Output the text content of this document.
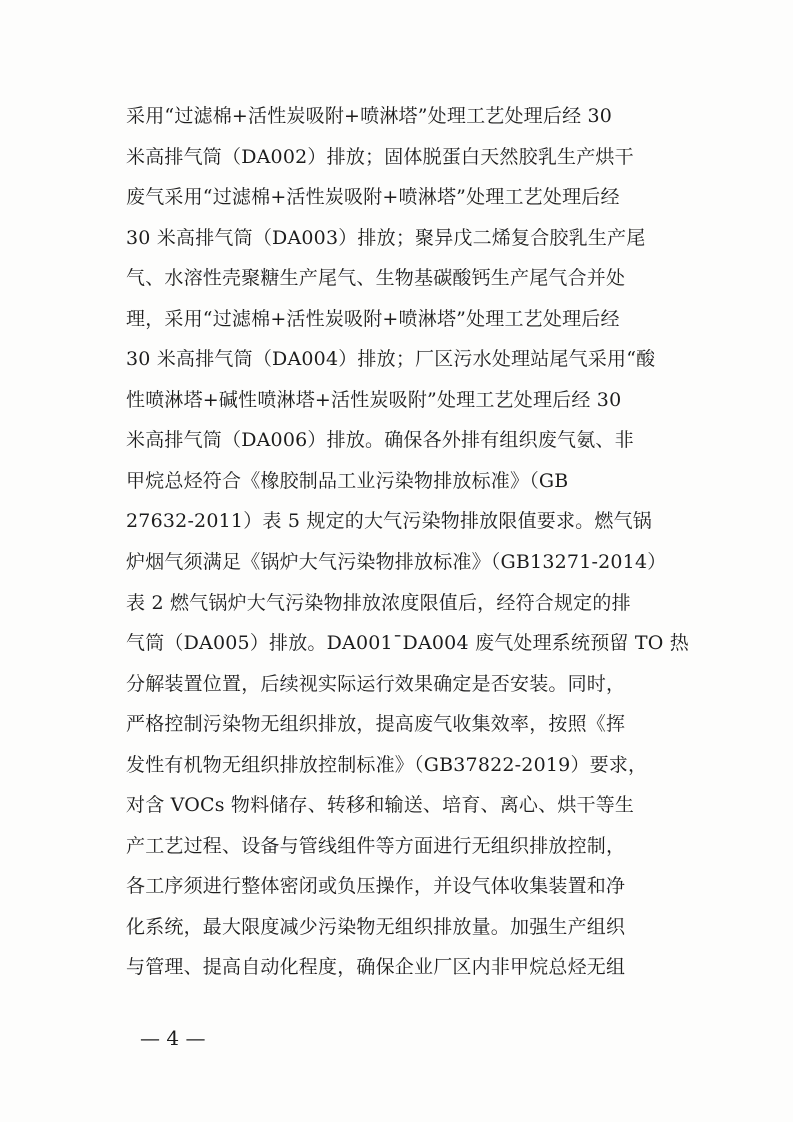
采用“过滤棉+活性炭吸附+喷淋塔”处理工艺处理后经 30
米高排气筒（DA002）排放；固体脱蛋白天然胶乳生产烘干
废气采用“过滤棉+活性炭吸附+喷淋塔”处理工艺处理后经
30 米高排气筒（DA003）排放；聚异戊二烯复合胶乳生产尾
气、水溶性壳聚糖生产尾气、生物基碳酸钙生产尾气合并处
理，采用“过滤棉+活性炭吸附+喷淋塔”处理工艺处理后经
30 米高排气筒（DA004）排放；厂区污水处理站尾气采用“酸
性喷淋塔+碱性喷淋塔+活性炭吸附”处理工艺处理后经 30
米高排气筒（DA006）排放。确保各外排有组织废气氨、非
甲烷总烃符合《橡胶制品工业污染物排放标准》（GB
27632-2011）表 5 规定的大气污染物排放限值要求。燃气锅
炉烟气须满足《锅炉大气污染物排放标准》（GB13271-2014）
表 2 燃气锅炉大气污染物排放浓度限值后，经符合规定的排
气筒（DA005）排放。DA001ˉDA004 废气处理系统预留 TO 热
分解装置位置，后续视实际运行效果确定是否安装。同时，
严格控制污染物无组织排放，提高废气收集效率，按照《挥
发性有机物无组织排放控制标准》（GB37822-2019）要求，
对含 VOCs 物料储存、转移和输送、培育、离心、烘干等生
产工艺过程、设备与管线组件等方面进行无组织排放控制，
各工序须进行整体密闭或负压操作，并设气体收集装置和净
化系统，最大限度减少污染物无组织排放量。加强生产组织
与管理、提高自动化程度，确保企业厂区内非甲烷总烃无组
— 4 —
